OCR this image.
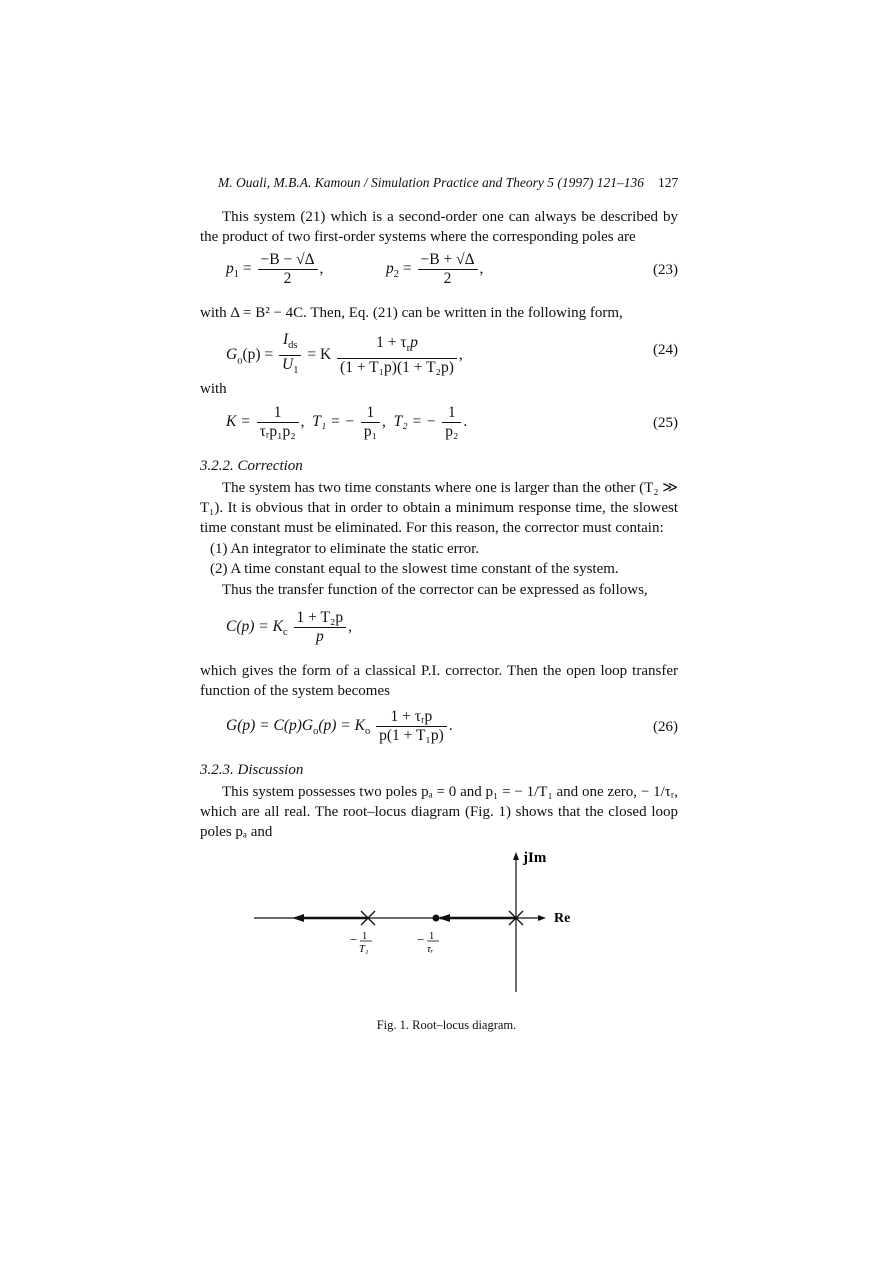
M. Ouali, M.B.A. Kamoun / Simulation Practice and Theory 5 (1997) 121–136 127
This system (21) which is a second-order one can always be described by the product of two first-order systems where the corresponding poles are
$p_1 = \frac{-B - √\Delta}{2}$ ,	$p_2 = \frac{-B + √\Delta}{2}$ ,	(23)
with Δ = B² − 4C. Then, Eq. (21) can be written in the following form,
$G_o(p) = \frac{I_{ds}}{U_1} = K \frac{1 + \tau_rp}{\text{(1 + T₁p)(1 + T₂p)}}$ ,	(24)
with
$K = \frac{1}{\text{τᵣp₁p₂}}$ ,  T₁ = − $\frac{1}{\text{p₁}}$ ,  T₂ = − $\frac{1}{\text{p₂}}$ .	(25)
3.2.2. Correction
The system has two time constants where one is larger than the other (T₂ ≫ T₁). It is obvious that in order to obtain a minimum response time, the slowest time constant must be eliminated. For this reason, the corrector must contain:
(1) An integrator to eliminate the static error.
(2) A time constant equal to the slowest time constant of the system.
Thus the transfer function of the corrector can be expressed as follows,
$C(p) = K_c \frac{\text{1 + T₂p}}{p}$ ,
which gives the form of a classical P.I. corrector. Then the open loop transfer function of the system becomes
$G(p) = C(p)G_o(p) = K_o \frac{\text{1 + τᵣp}}{\text{p(1 + T₁p)}}$ .	(26)
3.2.3. Discussion
This system possesses two poles pₐ = 0 and p₁ = − 1/T₁ and one zero, − 1/τᵣ, which are all real. The root–locus diagram (Fig. 1) shows that the closed loop poles pₐ and
jIm
Re
− 1
T₁
− 1
τᵣ
Fig. 1. Root–locus diagram.
